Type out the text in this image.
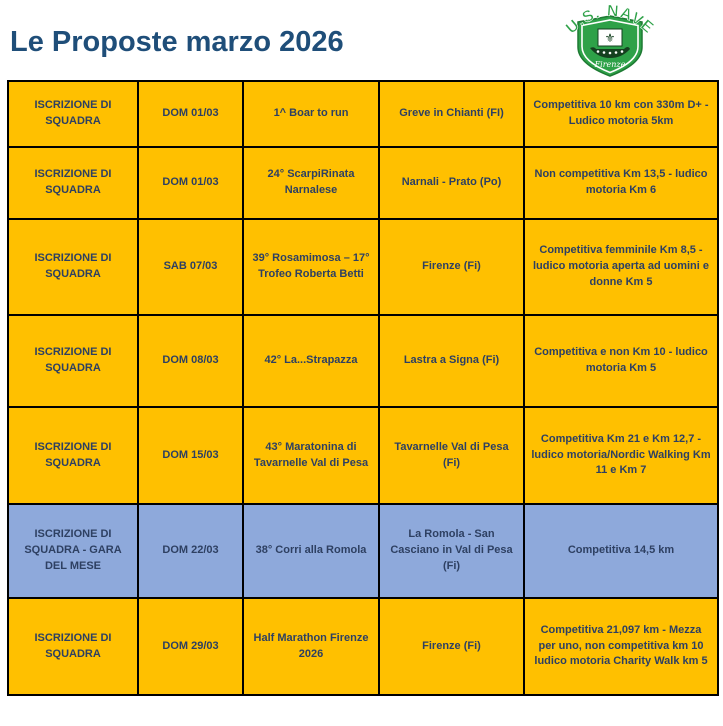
Le Proposte marzo 2026	⚜
Firenze
U.S. NAVE
ISCRIZIONE DI SQUADRA	DOM 01/03	1^ Boar to run	Greve in Chianti (FI)	Competitiva 10 km con 330m D+ - Ludico motoria 5km
ISCRIZIONE DI SQUADRA	DOM 01/03	24° ScarpiRinata Narnalese	Narnali - Prato (Po)	Non competitiva Km 13,5 - ludico motoria Km 6
ISCRIZIONE DI SQUADRA	SAB 07/03	39° Rosamimosa – 17° Trofeo Roberta Betti	Firenze (Fi)	Competitiva femminile Km 8,5 - ludico motoria aperta ad uomini e donne Km 5
ISCRIZIONE DI SQUADRA	DOM 08/03	42° La...Strapazza	Lastra a Signa (Fi)	Competitiva e non Km 10 - ludico motoria Km 5
ISCRIZIONE DI SQUADRA	DOM 15/03	43° Maratonina di Tavarnelle Val di Pesa	Tavarnelle Val di Pesa (Fi)	Competitiva Km 21 e Km 12,7 - ludico motoria/Nordic Walking Km 11 e Km 7
ISCRIZIONE DI SQUADRA - GARA DEL MESE	DOM 22/03	38° Corri alla Romola	La Romola - San Casciano in Val di Pesa (Fi)	Competitiva 14,5 km
ISCRIZIONE DI SQUADRA	DOM 29/03	Half Marathon Firenze 2026	Firenze (Fi)	Competitiva 21,097 km - Mezza per uno, non competitiva km 10 ludico motoria Charity Walk km 5
